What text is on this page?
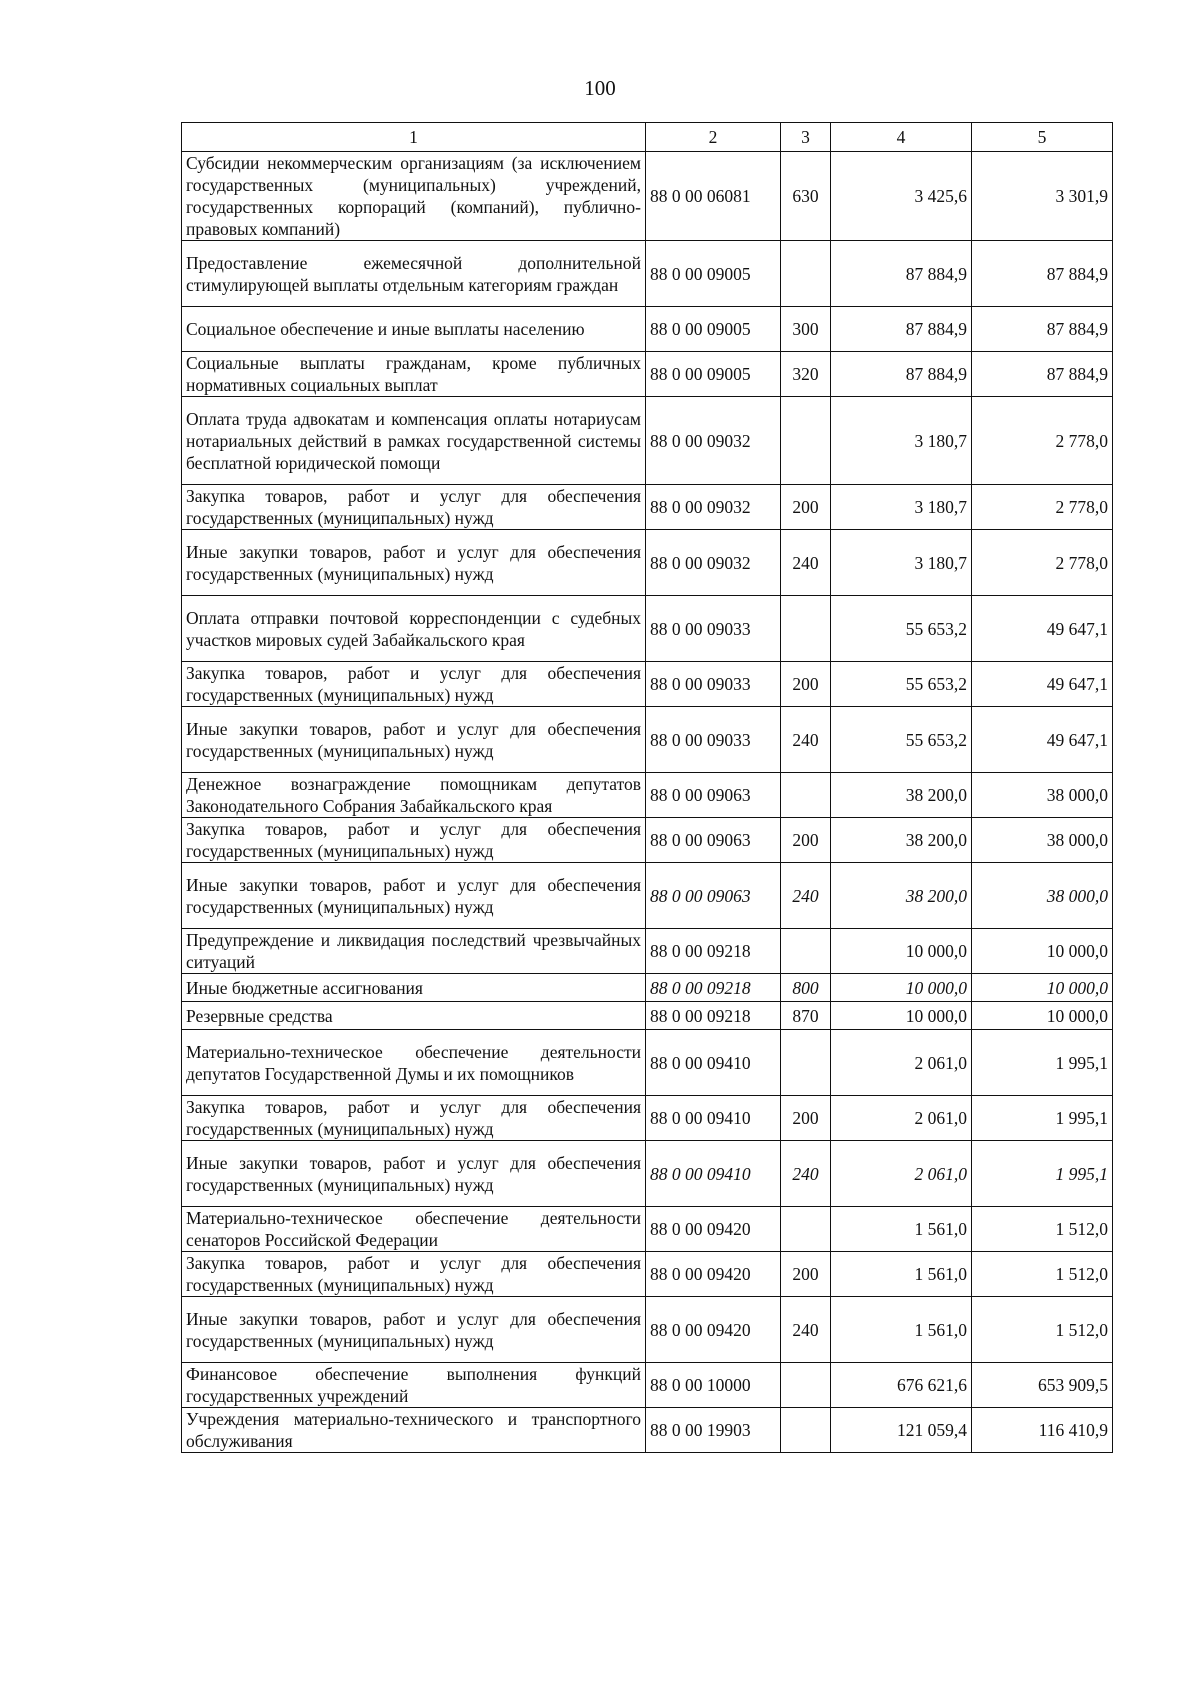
100
1	2	3	4	5
Субсидии некоммерческим организациям (за исключением государственных (муниципальных) учреждений, государственных корпораций (компаний), публично-правовых компаний)	88 0 00 06081	630	3 425,6	3 301,9
Предоставление ежемесячной дополнительной стимулирующей выплаты отдельным категориям граждан	88 0 00 09005		87 884,9	87 884,9
Социальное обеспечение и иные выплаты населению	88 0 00 09005	300	87 884,9	87 884,9
Социальные выплаты гражданам, кроме публичных нормативных социальных выплат	88 0 00 09005	320	87 884,9	87 884,9
Оплата труда адвокатам и компенсация оплаты нотариусам нотариальных действий в рамках государственной системы бесплатной юридической помощи	88 0 00 09032		3 180,7	2 778,0
Закупка товаров, работ и услуг для обеспечения государственных (муниципальных) нужд	88 0 00 09032	200	3 180,7	2 778,0
Иные закупки товаров, работ и услуг для обеспечения государственных (муниципальных) нужд	88 0 00 09032	240	3 180,7	2 778,0
Оплата отправки почтовой корреспонденции с судебных участков мировых судей Забайкальского края	88 0 00 09033		55 653,2	49 647,1
Закупка товаров, работ и услуг для обеспечения государственных (муниципальных) нужд	88 0 00 09033	200	55 653,2	49 647,1
Иные закупки товаров, работ и услуг для обеспечения государственных (муниципальных) нужд	88 0 00 09033	240	55 653,2	49 647,1
Денежное вознаграждение помощникам депутатов Законодательного Собрания Забайкальского края	88 0 00 09063		38 200,0	38 000,0
Закупка товаров, работ и услуг для обеспечения государственных (муниципальных) нужд	88 0 00 09063	200	38 200,0	38 000,0
Иные закупки товаров, работ и услуг для обеспечения государственных (муниципальных) нужд	88 0 00 09063	240	38 200,0	38 000,0
Предупреждение и ликвидация последствий чрезвычайных ситуаций	88 0 00 09218		10 000,0	10 000,0
Иные бюджетные ассигнования	88 0 00 09218	800	10 000,0	10 000,0
Резервные средства	88 0 00 09218	870	10 000,0	10 000,0
Материально-техническое обеспечение деятельности депутатов Государственной Думы и их помощников	88 0 00 09410		2 061,0	1 995,1
Закупка товаров, работ и услуг для обеспечения государственных (муниципальных) нужд	88 0 00 09410	200	2 061,0	1 995,1
Иные закупки товаров, работ и услуг для обеспечения государственных (муниципальных) нужд	88 0 00 09410	240	2 061,0	1 995,1
Материально-техническое обеспечение деятельности сенаторов Российской Федерации	88 0 00 09420		1 561,0	1 512,0
Закупка товаров, работ и услуг для обеспечения государственных (муниципальных) нужд	88 0 00 09420	200	1 561,0	1 512,0
Иные закупки товаров, работ и услуг для обеспечения государственных (муниципальных) нужд	88 0 00 09420	240	1 561,0	1 512,0
Финансовое обеспечение выполнения функций государственных учреждений	88 0 00 10000		676 621,6	653 909,5
Учреждения материально-технического и транспортного обслуживания	88 0 00 19903		121 059,4	116 410,9
